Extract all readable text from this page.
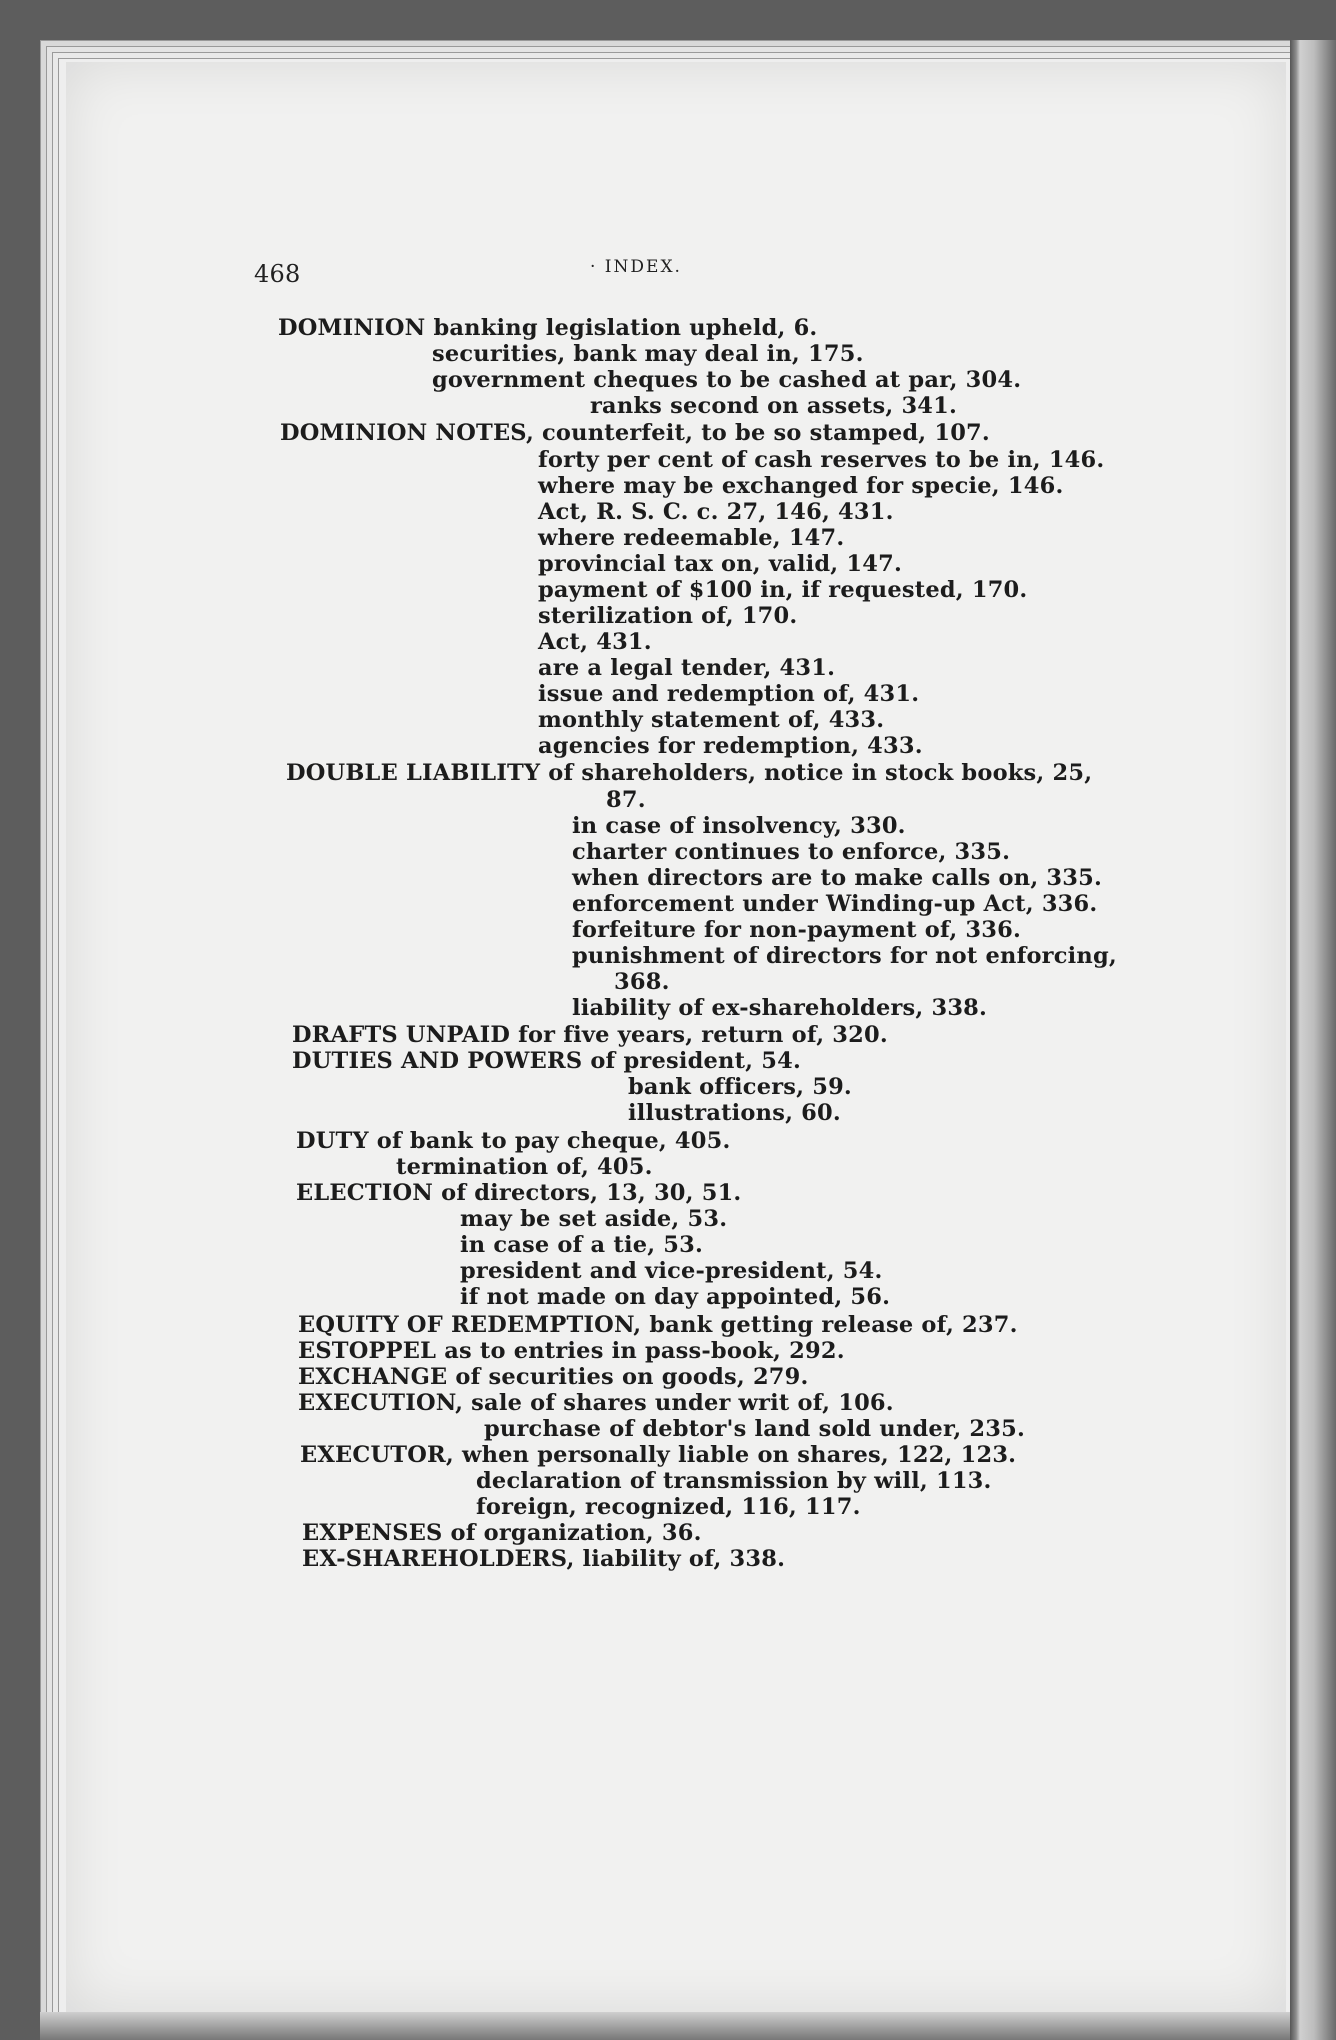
468	· INDEX.
DOMINION banking legislation upheld, 6.
securities, bank may deal in, 175.
government cheques to be cashed at par, 304.
ranks second on assets, 341.
DOMINION NOTES, counterfeit, to be so stamped, 107.
forty per cent of cash reserves to be in, 146.
where may be exchanged for specie, 146.
Act, R. S. C. c. 27, 146, 431.
where redeemable, 147.
provincial tax on, valid, 147.
payment of $100 in, if requested, 170.
sterilization of, 170.
Act, 431.
are a legal tender, 431.
issue and redemption of, 431.
monthly statement of, 433.
agencies for redemption, 433.
DOUBLE LIABILITY of shareholders, notice in stock books, 25,
87.
in case of insolvency, 330.
charter continues to enforce, 335.
when directors are to make calls on, 335.
enforcement under Winding-up Act, 336.
forfeiture for non-payment of, 336.
punishment of directors for not enforcing,
368.
liability of ex-shareholders, 338.
DRAFTS UNPAID for five years, return of, 320.
DUTIES AND POWERS of president, 54.
bank officers, 59.
illustrations, 60.
DUTY of bank to pay cheque, 405.
termination of, 405.
ELECTION of directors, 13, 30, 51.
may be set aside, 53.
in case of a tie, 53.
president and vice-president, 54.
if not made on day appointed, 56.
EQUITY OF REDEMPTION, bank getting release of, 237.
ESTOPPEL as to entries in pass-book, 292.
EXCHANGE of securities on goods, 279.
EXECUTION, sale of shares under writ of, 106.
purchase of debtor's land sold under, 235.
EXECUTOR, when personally liable on shares, 122, 123.
declaration of transmission by will, 113.
foreign, recognized, 116, 117.
EXPENSES of organization, 36.
EX-SHAREHOLDERS, liability of, 338.
